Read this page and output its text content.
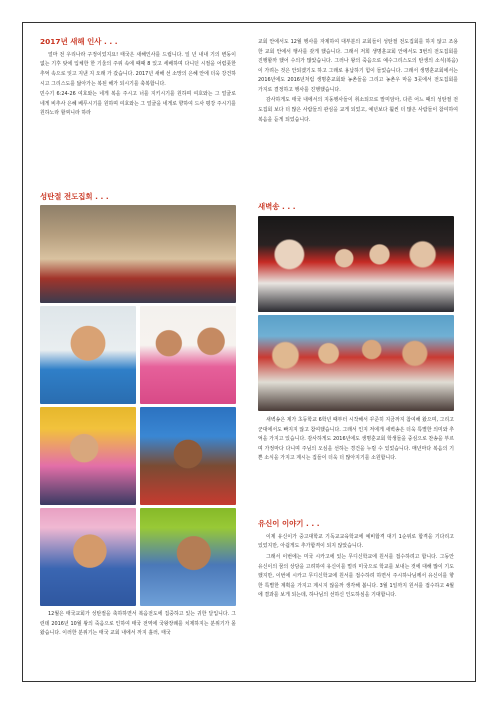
2017년 새해 인사 . . .

얼마 전 우리나라 구정이었지요! 태국은 새해인사를 드립니다. 일 년 내내 기의 변동이 없는 기후 탓에 입체한 한 기울의 주위 속에 때때 8 있고 세배하며 다니던 시절을 어렴풋한 추억 속으로 잊고 지낸 지 오래 가 갔습니다. 2017년 새해 선 소망의 은혜 안에 더욱 강건하시고 그리스도를 닮아가는 복된 해가 되시기를 축복합니다.

민수기 6:24-26 여호와는 네게 복을 주시고 너를 지키시기를 원하며 여호와는 그 얼굴로 네게 비추사 은혜 베푸시기를 원하며 여호와는 그 얼굴을 네게로 향하여 드사 평강 주시기를 원하노라 할찌니라 하라

성탄절 전도집회 . . .

12월은 태국교회가 성탄절을 축하하면서 복음전도에 집중하고 있는 귀한 달입니다. 그런데 2016년 10월 왕의 죽음으로 인하여 태국 전역에 국왕장례를 치제하지는 분위기가 몰왔습니다. 이러한 분위기는 태국 교회 내에서 까지 흘러, 태국

교회 안에서도 12월 행사를 자제하여 대부분의 교회들이 성탄절 전도집회를 하지 않고 조용한 교회 안에서 행사를 갖게 했습니다. 그래서 저희 생명훈교회 안에서도 3번의 전도집회를 진행할까 했어 수의가 많았습니다. 그러나 왕의 죽음으로 예수그리스도의 탄생의 소식(복음)이 가려는 것은 안되겠기도 하고 그래로 용납하기 힘이 들었습니다. 그래서 생명훈교회에서는 2016년에도 2016년처럼 생명훈교회와 농촌들을 그리고 농촌우 마을 3곳에서 전도집회를 가지로 결정하고 행사를 진행했습니다.

감사하게도 태국 내에서의 지동행사들이 취소되므로 말미암아, 다른 어느 때의 성탄절 전도집회 보다 더 많은 사람들의 관심을 교게 되었고, 예년보다 훨씬 더 많은 사람들이 참여하여 복음을 듣게 되었습니다.

새벽송 . . .

새벽송은 제가 초등학교 6학년 때부터 시작해서 꾸준히 지금까지 참여해 왔으며, 그리고 군대에서도 빠지지 않고 참여했습니다. 그래서 인지 저에게 새벽송은 더욱 특별한 의미와 추억을 가지고 있습니다. 감사하게도 2016년에도 생명훈교회 학생들을 중심으로 찬송을 부르며 가정마다 다니며 주님의 오심을 선하는 경건을 누릴 수 있었습니다. 매년마다 복음의 기쁜 소식을 가지고 계시는 집들이 더욱 더 많아지기를 소원합니다.

유신이 이야기 . . .

이제 유신이가 중고대학교 기독교교육학교에 예비합격 대기 1순위로 합격을 기다리고 있었지만, 아쉽게도 추가합격이 되지 않았습니다.

그래서 이번에는 미국 시카고에 있는 무디신학교에 원서를 접수하려고 합니다. 그동안 유신이의 꿈의 상담을 고려하여 유신이를 멀리 미국으로 학교를 보내는 것에 대해 많이 기도 했지만, 이번에 시카고 무디신학교에 원서를 접수하려 하면서 주시하나님께서 유신이를 향한 특별한 계획을 가지고 계시지 않을까 생각해 봅니다. 3월 1일까지 원서를 접수하고 4월에 결과를 보게 되는데, 하나님의 선하신 인도하심을 기대합니다.
